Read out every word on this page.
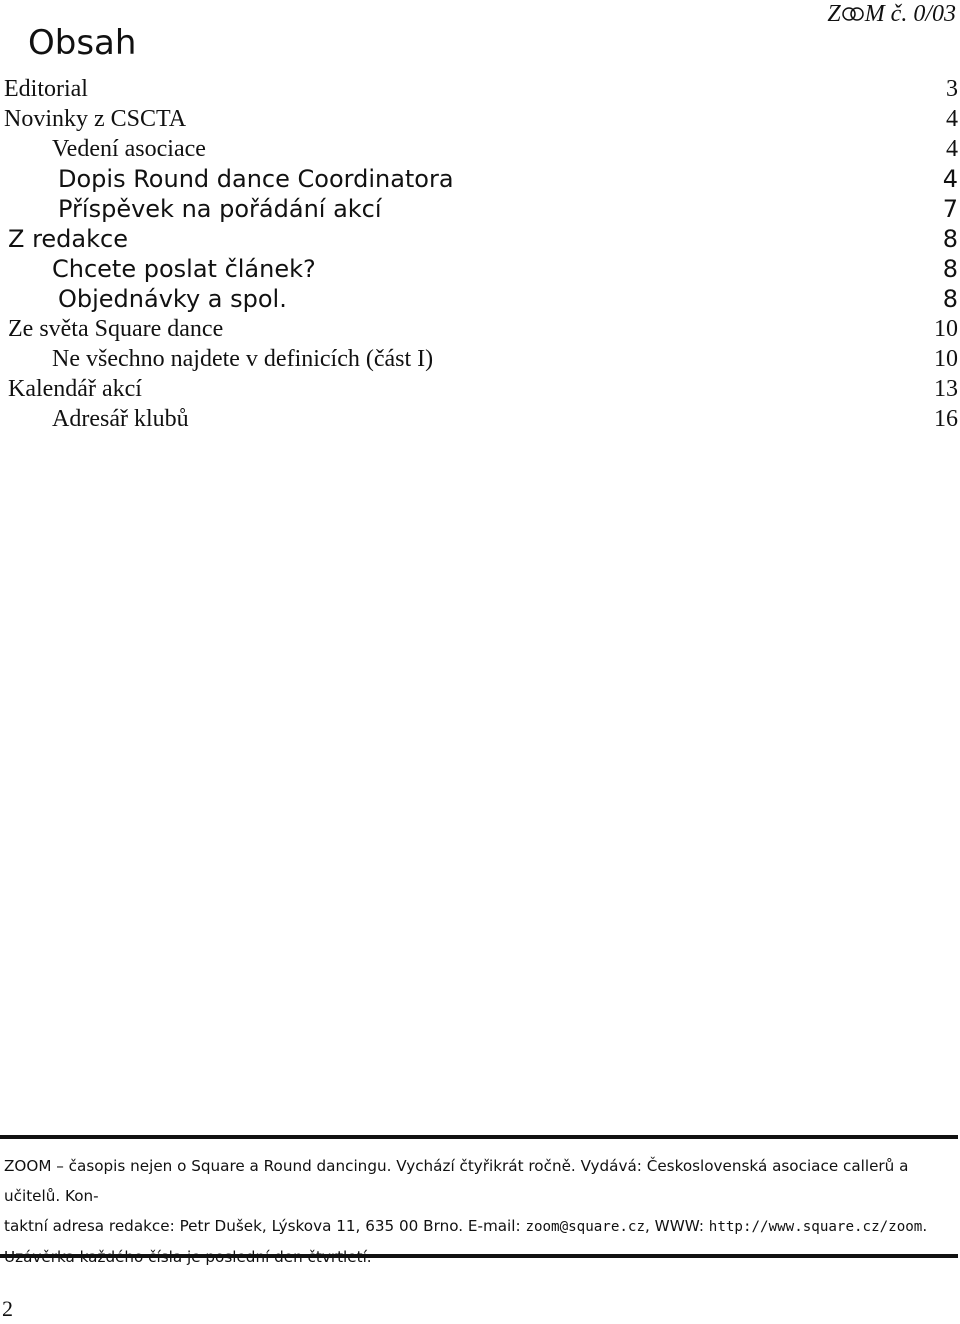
Z M č. 0/03
Obsah
Editorial	3
Novinky z CSCTA	4
Vedení asociace	4
Dopis Round dance Coordinatora	4
Příspěvek na pořádání akcí	7
Z redakce	8
Chcete poslat článek?	8
Objednávky a spol.	8
Ze světa Square dance	10
Ne všechno najdete v definicích (část I)	10
Kalendář akcí	13
Adresář klubů	16
ZOOM – časopis nejen o Square a Round dancingu. Vychází čtyřikrát ročně. Vydává: Československá asociace callerů a učitelů. Kon-
taktní adresa redakce: Petr Dušek, Lýskova 11, 635 00 Brno. E-mail: zoom@square.cz, WWW: http://www.square.cz/zoom.
2
